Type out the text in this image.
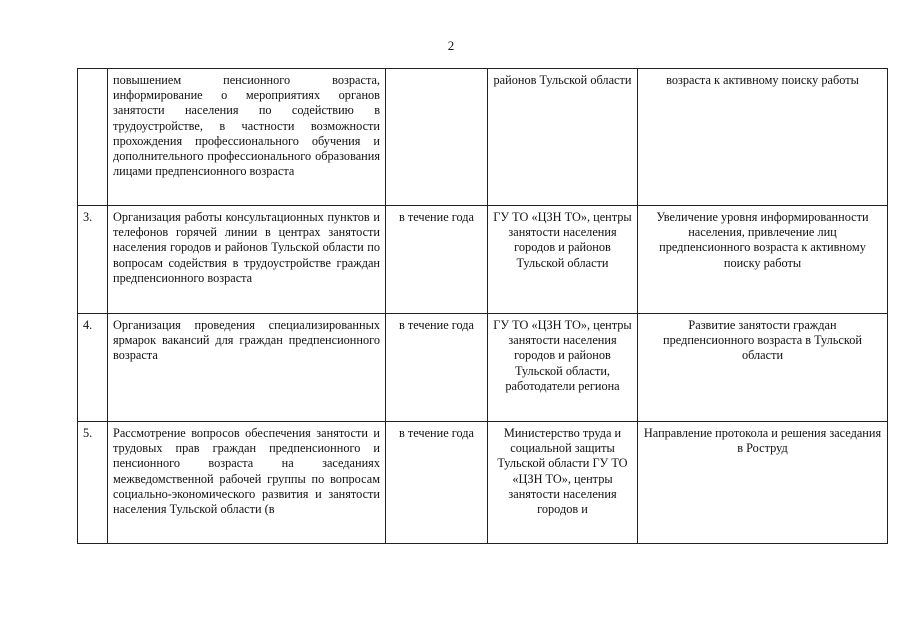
2
	повышением пенсионного возраста, информирование о мероприятиях органов занятости населения по содействию в трудоустройстве, в частности возможности прохождения профессионального обучения и дополнительного профессионального образования лицами предпенсионного возраста		районов Тульской области	возраста к активному поиску работы
3.	Организация работы консультационных пунктов и телефонов горячей линии в центрах занятости населения городов и районов Тульской области по вопросам содействия в трудоустройстве граждан предпенсионного возраста	в течение года	ГУ ТО «ЦЗН ТО», центры занятости населения городов и районов Тульской области	Увеличение уровня информированности населения, привлечение лиц предпенсионного возраста к активному поиску работы
4.	Организация проведения специализированных ярмарок вакансий для граждан предпенсионного возраста	в течение года	ГУ ТО «ЦЗН ТО», центры занятости населения городов и районов Тульской области, работодатели региона	Развитие занятости граждан предпенсионного возраста в Тульской области
5.	Рассмотрение вопросов обеспечения занятости и трудовых прав граждан предпенсионного и пенсионного возраста на заседаниях межведомственной рабочей группы по вопросам социально-экономического развития и занятости населения Тульской области (в	в течение года	Министерство труда и социальной защиты Тульской области ГУ ТО «ЦЗН ТО», центры занятости населения городов и	Направление протокола и решения заседания в Роструд
